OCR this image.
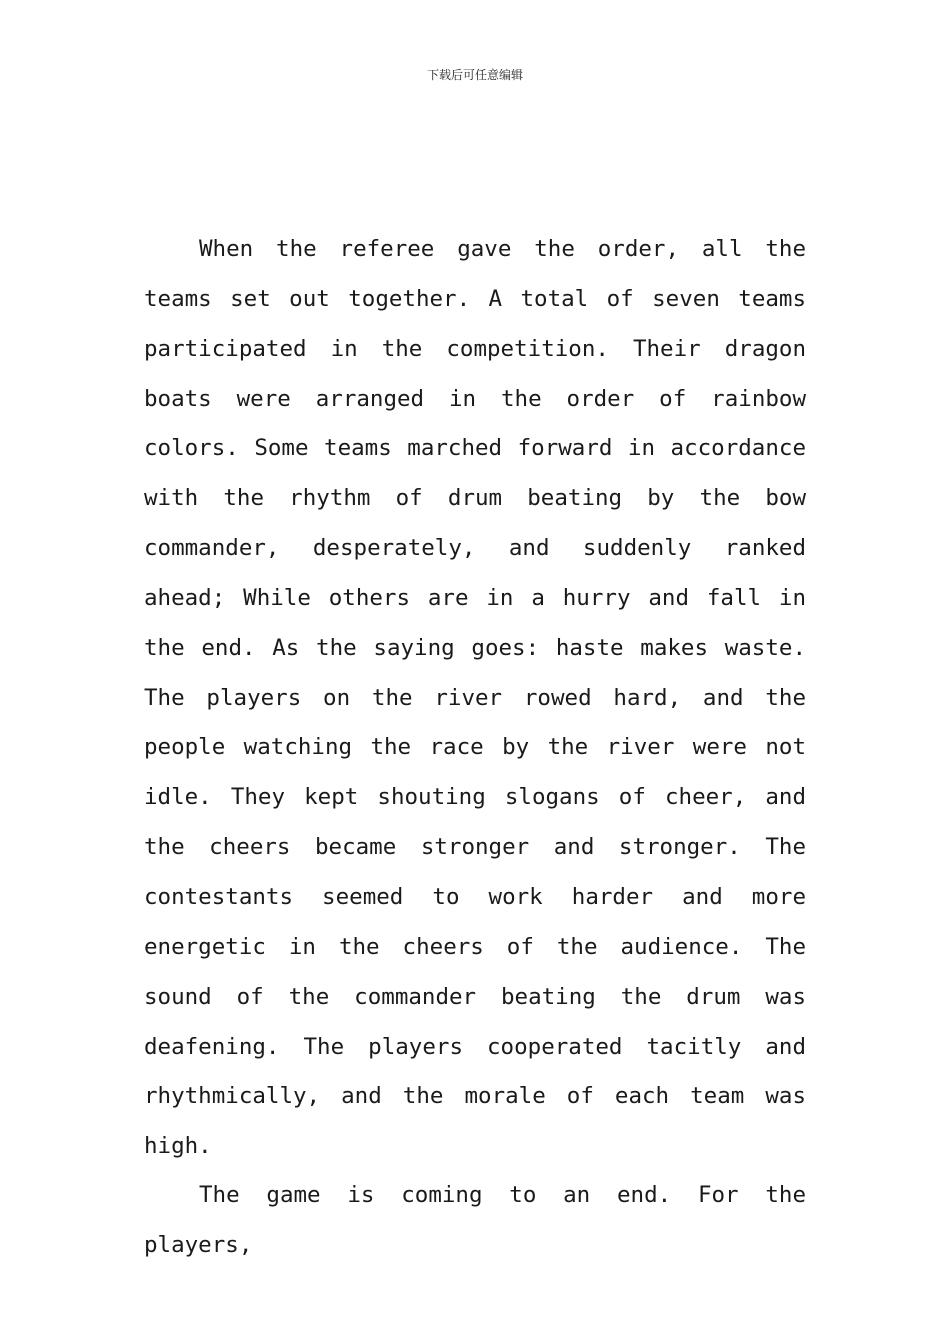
下载后可任意编辑

When the referee gave the order, all the teams set out together. A total of seven teams participated in the competition. Their dragon boats were arranged in the order of rainbow colors. Some teams marched forward in accordance with the rhythm of drum beating by the bow commander, desperately, and suddenly ranked ahead; While others are in a hurry and fall in the end. As the saying goes: haste makes waste. The players on the river rowed hard, and the people watching the race by the river were not idle. They kept shouting slogans of cheer, and the cheers became stronger and stronger. The contestants seemed to work harder and more energetic in the cheers of the audience. The sound of the commander beating the drum was deafening. The players cooperated tacitly and rhythmically, and the morale of each team was high.

The game is coming to an end. For the players,
